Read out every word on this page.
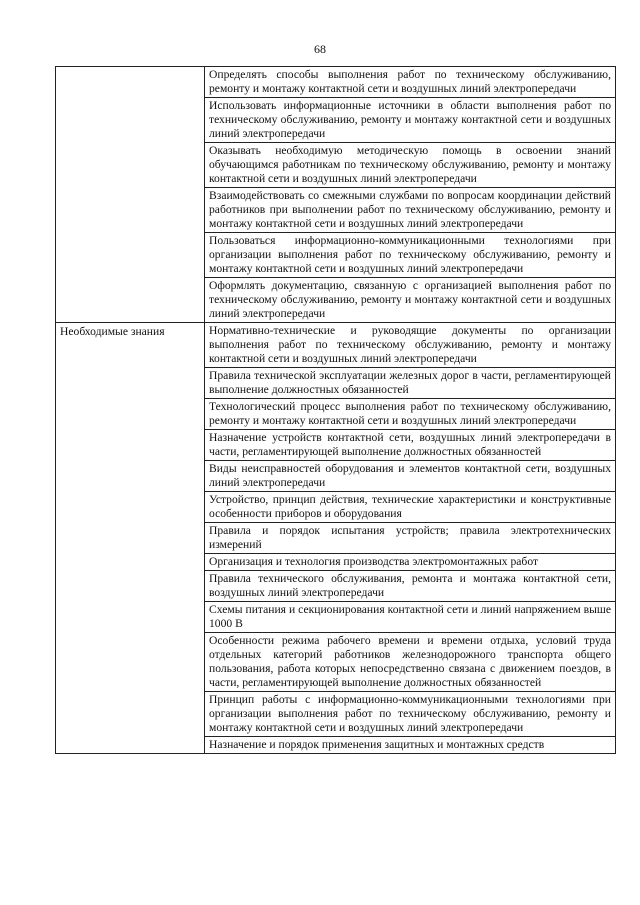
68
	Определять способы выполнения работ по техническому обслуживанию, ремонту и монтажу контактной сети и воздушных линий электропередачи
	Использовать информационные источники в области выполнения работ по техническому обслуживанию, ремонту и монтажу контактной сети и воздушных линий электропередачи
	Оказывать необходимую методическую помощь в освоении знаний обучающимся работникам по техническому обслуживанию, ремонту и монтажу контактной сети и воздушных линий электропередачи
	Взаимодействовать со смежными службами по вопросам координации действий работников при выполнении работ по техническому обслуживанию, ремонту и монтажу контактной сети и воздушных линий электропередачи
	Пользоваться информационно-коммуникационными технологиями при организации выполнения работ по техническому обслуживанию, ремонту и монтажу контактной сети и воздушных линий электропередачи
	Оформлять документацию, связанную с организацией выполнения работ по техническому обслуживанию, ремонту и монтажу контактной сети и воздушных линий электропередачи
Необходимые знания	Нормативно-технические и руководящие документы по организации выполнения работ по техническому обслуживанию, ремонту и монтажу контактной сети и воздушных линий электропередачи
	Правила технической эксплуатации железных дорог в части, регламентирующей выполнение должностных обязанностей
	Технологический процесс выполнения работ по техническому обслуживанию, ремонту и монтажу контактной сети и воздушных линий электропередачи
	Назначение устройств контактной сети, воздушных линий электропередачи в части, регламентирующей выполнение должностных обязанностей
	Виды неисправностей оборудования и элементов контактной сети, воздушных линий электропередачи
	Устройство, принцип действия, технические характеристики и конструктивные особенности приборов и оборудования
	Правила и порядок испытания устройств; правила электротехнических измерений
	Организация и технология производства электромонтажных работ
	Правила технического обслуживания, ремонта и монтажа контактной сети, воздушных линий электропередачи
	Схемы питания и секционирования контактной сети и линий напряжением выше 1000 В
	Особенности режима рабочего времени и времени отдыха, условий труда отдельных категорий работников железнодорожного транспорта общего пользования, работа которых непосредственно связана с движением поездов, в части, регламентирующей выполнение должностных обязанностей
	Принцип работы с информационно-коммуникационными технологиями при организации выполнения работ по техническому обслуживанию, ремонту и монтажу контактной сети и воздушных линий электропередачи
	Назначение и порядок применения защитных и монтажных средств
